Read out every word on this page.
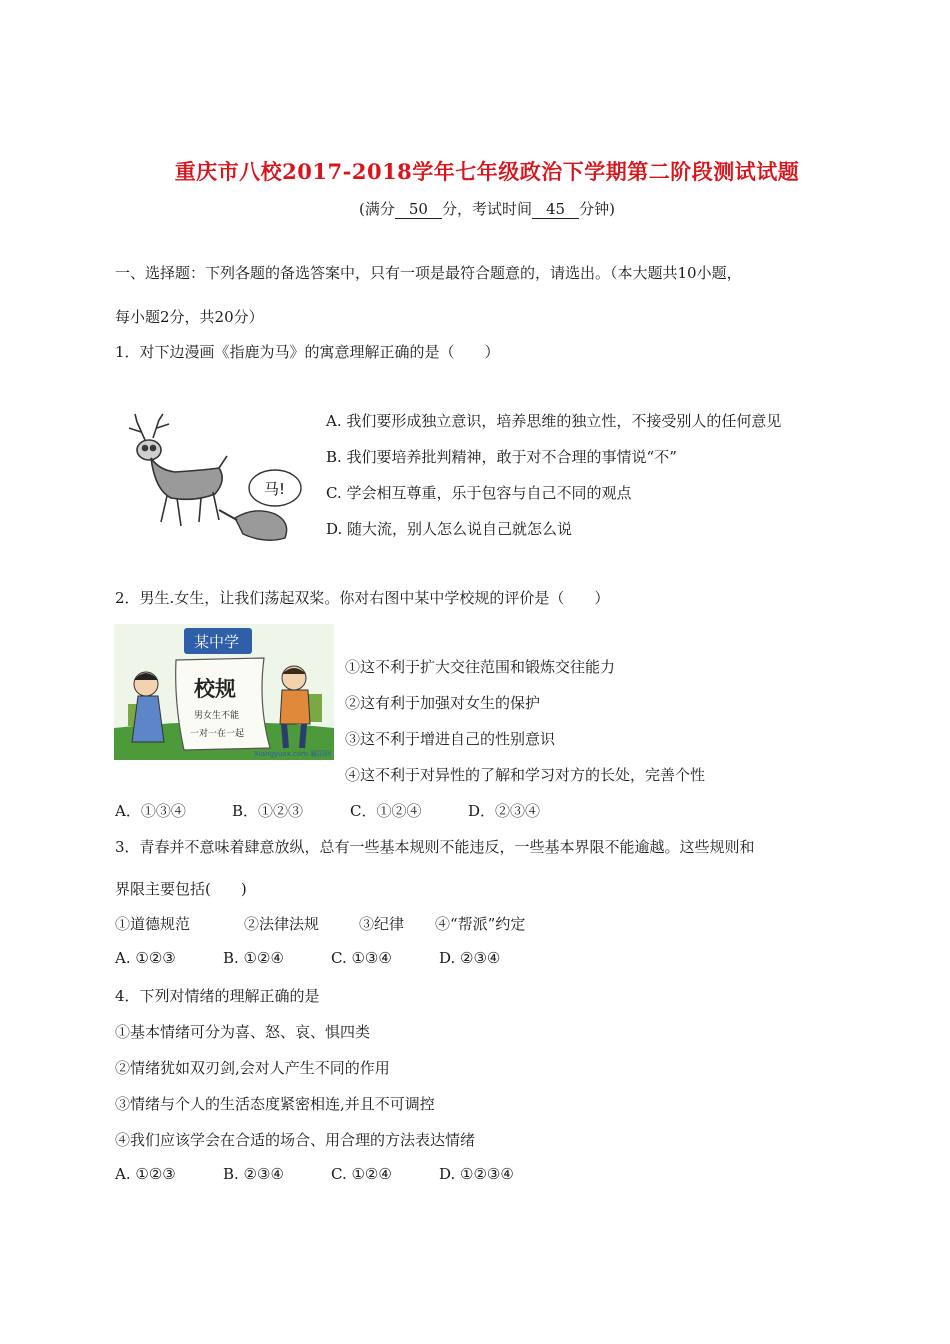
重庆市八校2017-2018学年七年级政治下学期第二阶段测试试题
(满分 50 分，考试时间 45 分钟)
一、选择题：下列各题的备选答案中，只有一项是最符合题意的，请选出。（本大题共10小题，
每小题2分，共20分）
1．对下边漫画《指鹿为马》的寓意理解正确的是（　　）
马!
A. 我们要形成独立意识，培养思维的独立性，不接受别人的任何意见
B. 我们要培养批判精神，敢于对不合理的事情说“不”
C. 学会相互尊重，乐于包容与自己不同的观点
D. 随大流，别人怎么说自己就怎么说
2．男生.女生，让我们荡起双桨。你对右图中某中学校规的评价是（　　）
某中学
校规
男女生不能
一对一在一起
Xiangyuxx.com 襄阳网
①这不利于扩大交往范围和锻炼交往能力
②这有利于加强对女生的保护
③这不利于增进自己的性别意识
④这不利于对异性的了解和学习对方的长处，完善个性
A．①③④	B．①②③	C．①②④	D．②③④
3．青春并不意味着肆意放纵，总有一些基本规则不能违反，一些基本界限不能逾越。这些规则和
界限主要包括(　　)
①道德规范	②法律法规	③纪律 ④“帮派”约定
A. ①②③	B. ①②④	C. ①③④	D. ②③④
4．下列对情绪的理解正确的是
①基本情绪可分为喜、怒、哀、惧四类
②情绪犹如双刃剑,会对人产生不同的作用
③情绪与个人的生活态度紧密相连,并且不可调控
④我们应该学会在合适的场合、用合理的方法表达情绪
A. ①②③	B. ②③④	C. ①②④	D. ①②③④
